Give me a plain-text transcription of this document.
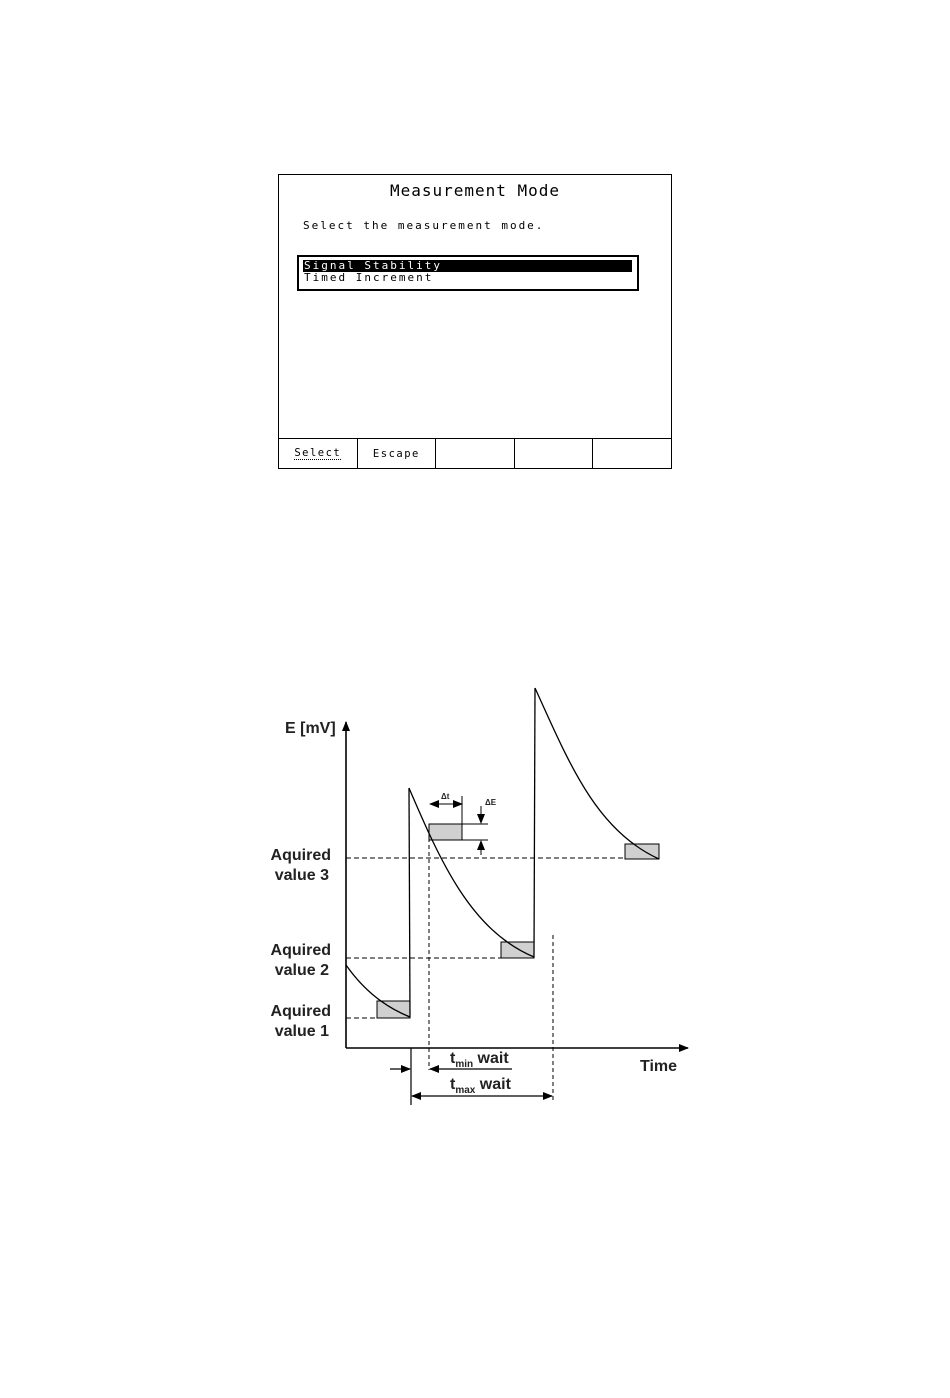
Measurement Mode
Select the measurement mode.
Signal Stability
Timed Increment
Select	Escape
E [mV]
Time
Aquired value 3
Aquired value 2
Aquired value 1
Δt
ΔE
$t_{min}$ wait
$t_{max}$ wait
